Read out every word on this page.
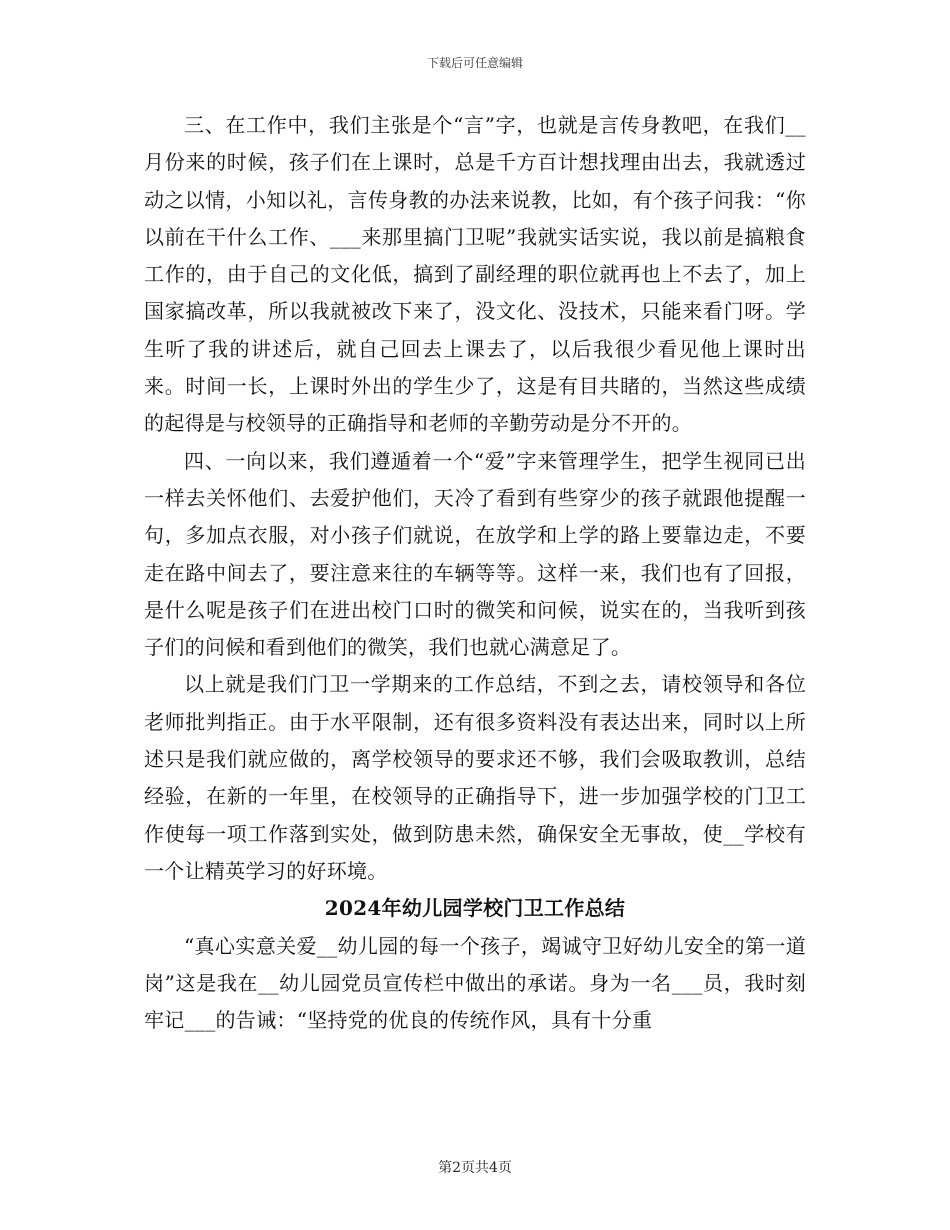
下载后可任意编辑

三、在工作中，我们主张是个“言”字，也就是言传身教吧，在我们__月份来的时候，孩子们在上课时，总是千方百计想找理由出去，我就透过动之以情，小知以礼，言传身教的办法来说教，比如，有个孩子问我：“你以前在干什么工作、___来那里搞门卫呢”我就实话实说，我以前是搞粮食工作的，由于自己的文化低，搞到了副经理的职位就再也上不去了，加上国家搞改革，所以我就被改下来了，没文化、没技术，只能来看门呀。学生听了我的讲述后，就自己回去上课去了，以后我很少看见他上课时出来。时间一长，上课时外出的学生少了，这是有目共睹的，当然这些成绩的起得是与校领导的正确指导和老师的辛勤劳动是分不开的。

四、一向以来，我们遵遁着一个“爱”字来管理学生，把学生视同已出一样去关怀他们、去爱护他们，天冷了看到有些穿少的孩子就跟他提醒一句，多加点衣服，对小孩子们就说，在放学和上学的路上要靠边走，不要走在路中间去了，要注意来往的车辆等等。这样一来，我们也有了回报，是什么呢是孩子们在进出校门口时的微笑和问候，说实在的，当我听到孩子们的问候和看到他们的微笑，我们也就心满意足了。

以上就是我们门卫一学期来的工作总结，不到之去，请校领导和各位老师批判指正。由于水平限制，还有很多资料没有表达出来，同时以上所述只是我们就应做的，离学校领导的要求还不够，我们会吸取教训，总结经验，在新的一年里，在校领导的正确指导下，进一步加强学校的门卫工作使每一项工作落到实处，做到防患未然，确保安全无事故，使__学校有一个让精英学习的好环境。

2024年幼儿园学校门卫工作总结

“真心实意关爱__幼儿园的每一个孩子，竭诚守卫好幼儿安全的第一道岗”这是我在__幼儿园党员宣传栏中做出的承诺。身为一名___员，我时刻牢记___的告诫：“坚持党的优良的传统作风，具有十分重

第2页共4页
